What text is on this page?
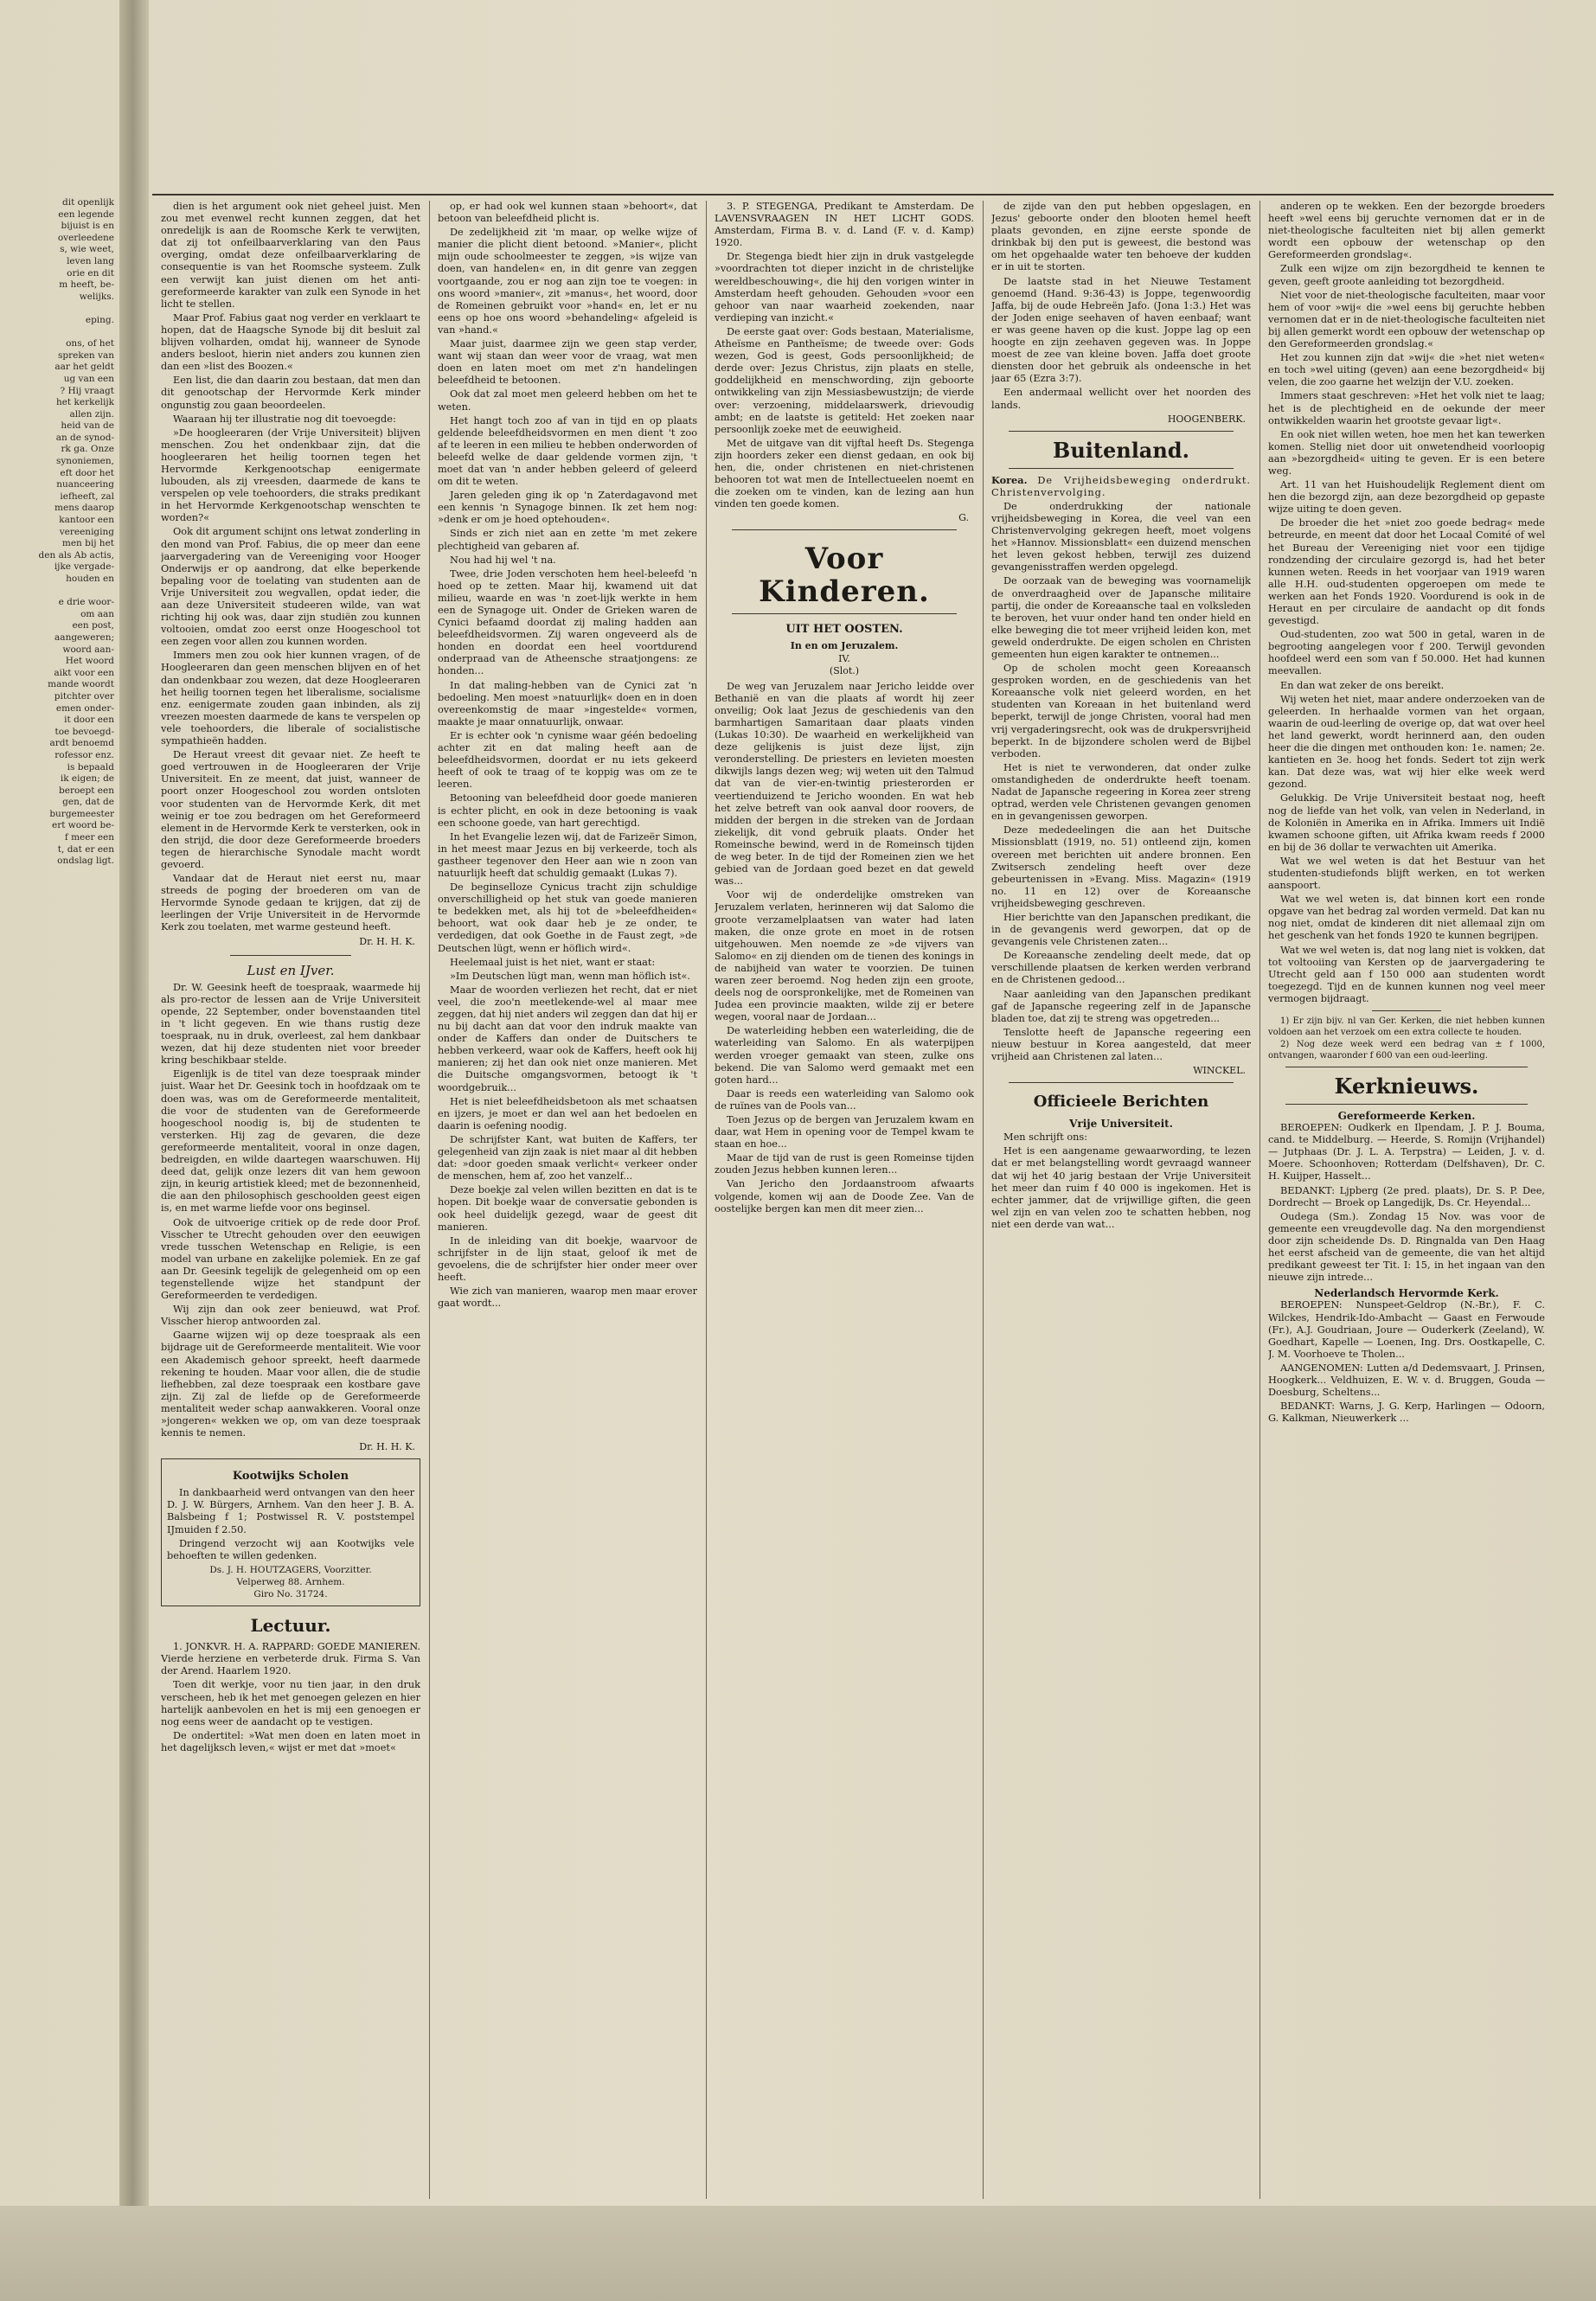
dit openlijk
een legende
bijuist is en
overleedene
s, wie weet,
leven lang
orie en dit
m heeft, be-
welijks.

eping.

ons, of het
spreken van
aar het geldt
ug van een
? Hij vraagt
het kerkelijk
allen zijn.
heid van de
an de synod-
rk ga. Onze
synoniemen,
eft door het
nuanceering
iefheeft, zal
mens daarop
kantoor een
vereeniging
men bij het
den als Ab actis,
ijke vergade-
houden en

e drie woor-
om aan
een post,
aangeweren;
woord aan-
Het woord
aikt voor een
mande woordt
pitchter over
emen onder-
it door een
toe bevoegd-
ardt benoemd
rofessor enz.
is bepaald
ik eigen; de
beroept een
gen, dat de
burgemeester
ert woord be-
f meer een
t, dat er een
ondslag ligt.

dien is het argument ook niet geheel juist. Men zou met evenwel recht kunnen zeggen, dat het onredelijk is aan de Roomsche Kerk te verwijten, dat zij tot onfeilbaarverklaring van den Paus overging, omdat deze onfeilbaarverklaring de consequentie is van het Roomsche systeem. Zulk een verwijt kan juist dienen om het anti-gereformeerde karakter van zulk een Synode in het licht te stellen.

Maar Prof. Fabius gaat nog verder en verklaart te hopen, dat de Haagsche Synode bij dit besluit zal blijven volharden, omdat hij, wanneer de Synode anders besloot, hierin niet anders zou kunnen zien dan een »list des Boozen.«

Een list, die dan daarin zou bestaan, dat men dan dit genootschap der Hervormde Kerk minder ongunstig zou gaan beoordeelen.

Waaraan hij ter illustratie nog dit toevoegde:

»De hoogleeraren (der Vrije Universiteit) blijven menschen. Zou het ondenkbaar zijn, dat die hoogleeraren het heilig toornen tegen het Hervormde Kerkgenootschap eenigermate lubouden, als zij vreesden, daarmede de kans te verspelen op vele toehoorders, die straks predikant in het Hervormde Kerkgenootschap wenschten te worden?«

Ook dit argument schijnt ons letwat zonderling in den mond van Prof. Fabius, die op meer dan eene jaarvergadering van de Vereeniging voor Hooger Onderwijs er op aandrong, dat elke beperkende bepaling voor de toelating van studenten aan de Vrije Universiteit zou wegvallen, opdat ieder, die aan deze Universiteit studeeren wilde, van wat richting hij ook was, daar zijn studiën zou kunnen voltooien, omdat zoo eerst onze Hoogeschool tot een zegen voor allen zou kunnen worden.

Immers men zou ook hier kunnen vragen, of de Hoogleeraren dan geen menschen blijven en of het dan ondenkbaar zou wezen, dat deze Hoogleeraren het heilig toornen tegen het liberalisme, socialisme enz. eenigermate zouden gaan inbinden, als zij vreezen moesten daarmede de kans te verspelen op vele toehoorders, die liberale of socialistische sympathieën hadden.

De Heraut vreest dit gevaar niet. Ze heeft te goed vertrouwen in de Hoogleeraren der Vrije Universiteit. En ze meent, dat juist, wanneer de poort onzer Hoogeschool zou worden ontsloten voor studenten van de Hervormde Kerk, dit met weinig er toe zou bedragen om het Gereformeerd element in de Hervormde Kerk te versterken, ook in den strijd, die door deze Gereformeerde broeders tegen de hierarchische Synodale macht wordt gevoerd.

Vandaar dat de Heraut niet eerst nu, maar streeds de poging der broederen om van de Hervormde Synode gedaan te krijgen, dat zij de leerlingen der Vrije Universiteit in de Hervormde Kerk zou toelaten, met warme gesteund heeft.

Dr. H. H. K.
Lust en IJver.

Dr. W. Geesink heeft de toespraak, waarmede hij als pro-rector de lessen aan de Vrije Universiteit opende, 22 September, onder bovenstaanden titel in 't licht gegeven. En wie thans rustig deze toespraak, nu in druk, overleest, zal hem dankbaar wezen, dat hij deze studenten niet voor breeder kring beschikbaar stelde.

Eigenlijk is de titel van deze toespraak minder juist. Waar het Dr. Geesink toch in hoofdzaak om te doen was, was om de Gereformeerde mentaliteit, die voor de studenten van de Gereformeerde hoogeschool noodig is, bij de studenten te versterken. Hij zag de gevaren, die deze gereformeerde mentaliteit, vooral in onze dagen, bedreigden, en wilde daartegen waarschuwen. Hij deed dat, gelijk onze lezers dit van hem gewoon zijn, in keurig artistiek kleed; met de bezonnenheid, die aan den philosophisch geschoolden geest eigen is, en met warme liefde voor ons beginsel.

Ook de uitvoerige critiek op de rede door Prof. Visscher te Utrecht gehouden over den eeuwigen vrede tusschen Wetenschap en Religie, is een model van urbane en zakelijke polemiek. En ze gaf aan Dr. Geesink tegelijk de gelegenheid om op een tegenstellende wijze het standpunt der Gereformeerden te verdedigen.

Wij zijn dan ook zeer benieuwd, wat Prof. Visscher hierop antwoorden zal.

Gaarne wijzen wij op deze toespraak als een bijdrage uit de Gereformeerde mentaliteit. Wie voor een Akademisch gehoor spreekt, heeft daarmede rekening te houden. Maar voor allen, die de studie liefhebben, zal deze toespraak een kostbare gave zijn. Zij zal de liefde op de Gereformeerde mentaliteit weder schap aanwakkeren. Vooral onze »jongeren« wekken we op, om van deze toespraak kennis te nemen.

Dr. H. H. K.
Kootwijks Scholen

In dankbaarheid werd ontvangen van den heer D. J. W. Bürgers, Arnhem. Van den heer J. B. A. Balsbeing f 1; Postwissel R. V. poststempel IJmuiden f 2.50.

Dringend verzocht wij aan Kootwijks vele behoeften te willen gedenken.

Ds. J. H. HOUTZAGERS, Voorzitter.
Velperweg 88. Arnhem.
Giro No. 31724.
Lectuur.

1. JONKVR. H. A. RAPPARD: GOEDE MANIEREN. Vierde herziene en verbeterde druk. Firma S. Van der Arend. Haarlem 1920.

Toen dit werkje, voor nu tien jaar, in den druk verscheen, heb ik het met genoegen gelezen en hier hartelijk aanbevolen en het is mij een genoegen er nog eens weer de aandacht op te vestigen.

De ondertitel: »Wat men doen en laten moet in het dagelijksch leven,« wijst er met dat »moet«

op, er had ook wel kunnen staan »behoort«, dat betoon van beleefdheid plicht is.

De zedelijkheid zit 'm maar, op welke wijze of manier die plicht dient betoond. »Manier«, plicht mijn oude schoolmeester te zeggen, »is wijze van doen, van handelen« en, in dit genre van zeggen voortgaande, zou er nog aan zijn toe te voegen: in ons woord »manier«, zit »manus«, het woord, door de Romeinen gebruikt voor »hand« en, let er nu eens op hoe ons woord »behandeling« afgeleid is van »hand.«

Maar juist, daarmee zijn we geen stap verder, want wij staan dan weer voor de vraag, wat men doen en laten moet om met z'n handelingen beleefdheid te betoonen.

Ook dat zal moet men geleerd hebben om het te weten.

Het hangt toch zoo af van in tijd en op plaats geldende beleefdheidsvormen en men dient 't zoo af te leeren in een milieu te hebben onderworden of beleefd welke de daar geldende vormen zijn, 't moet dat van 'n ander hebben geleerd of geleerd om dit te weten.

Jaren geleden ging ik op 'n Zaterdagavond met een kennis 'n Synagoge binnen. Ik zet hem nog: »denk er om je hoed optehouden«.

Sinds er zich niet aan en zette 'm met zekere plechtigheid van gebaren af.

Nou had hij wel 't na.

Twee, drie Joden verschoten hem heel-beleefd 'n hoed op te zetten. Maar hij, kwamend uit dat milieu, waarde en was 'n zoet-lijk werkte in hem een de Synagoge uit. Onder de Grieken waren de Cynici befaamd doordat zij maling hadden aan beleefdheidsvormen. Zij waren ongeveerd als de honden en doordat een heel voortdurend onderpraad van de Atheensche straatjongens: ze honden...

In dat maling-hebben van de Cynici zat 'n bedoeling. Men moest »natuurlijk« doen en in doen overeenkomstig de maar »ingestelde« vormen, maakte je maar onnatuurlijk, onwaar.

Er is echter ook 'n cynisme waar géén bedoeling achter zit en dat maling heeft aan de beleefdheidsvormen, doordat er nu iets gekeerd heeft of ook te traag of te koppig was om ze te leeren.

Betooning van beleefdheid door goede manieren is echter plicht, en ook in deze betooning is vaak een schoone goede, van hart gerechtigd.

In het Evangelie lezen wij, dat de Farizeër Simon, in het meest maar Jezus en bij verkeerde, toch als gastheer tegenover den Heer aan wie n zoon van natuurlijk heeft dat schuldig gemaakt (Lukas 7).

De beginselloze Cynicus tracht zijn schuldige onverschilligheid op het stuk van goede manieren te bedekken met, als hij tot de »beleefdheiden« behoort, wat ook daar heb je ze onder, te verdedigen, dat ook Goethe in de Faust zegt, »de Deutschen lügt, wenn er höflich wird«.

Heelemaal juist is het niet, want er staat:

»Im Deutschen lügt man, wenn man höflich ist«.

Maar de woorden verliezen het recht, dat er niet veel, die zoo'n meetlekende-wel al maar mee zeggen, dat hij niet anders wil zeggen dan dat hij er nu bij dacht aan dat voor den indruk maakte van onder de Kaffers dan onder de Duitschers te hebben verkeerd, waar ook de Kaffers, heeft ook hij manieren; zij het dan ook niet onze manieren. Met die Duitsche omgangsvormen, betoogt ik 't woordgebruik...

Het is niet beleefdheidsbetoon als met schaatsen en ijzers, je moet er dan wel aan het bedoelen en daarin is oefening noodig.

De schrijfster Kant, wat buiten de Kaffers, ter gelegenheid van zijn zaak is niet maar al dit hebben dat: »door goeden smaak verlicht« verkeer onder de menschen, hem af, zoo het vanzelf...

Deze boekje zal velen willen bezitten en dat is te hopen. Dit boekje waar de conversatie gebonden is ook heel duidelijk gezegd, waar de geest dit manieren.

In de inleiding van dit boekje, waarvoor de schrijfster in de lijn staat, geloof ik met de gevoelens, die de schrijfster hier onder meer over heeft.

Wie zich van manieren, waarop men maar erover gaat wordt...

3. P. STEGENGA, Predikant te Amsterdam. De LAVENSVRAAGEN IN HET LICHT GODS. Amsterdam, Firma B. v. d. Land (F. v. d. Kamp) 1920.

Dr. Stegenga biedt hier zijn in druk vastgelegde »voordrachten tot dieper inzicht in de christelijke wereldbeschouwing«, die hij den vorigen winter in Amsterdam heeft gehouden. Gehouden »voor een gehoor van naar waarheid zoekenden, naar verdieping van inzicht.«

De eerste gaat over: Gods bestaan, Materialisme, Atheïsme en Pantheïsme; de tweede over: Gods wezen, God is geest, Gods persoonlijkheid; de derde over: Jezus Christus, zijn plaats en stelle, goddelijkheid en menschwording, zijn geboorte ontwikkeling van zijn Messiasbewustzijn; de vierde over: verzoening, middelaarswerk, drievoudig ambt; en de laatste is getiteld: Het zoeken naar persoonlijk zoeke met de eeuwigheid.

Met de uitgave van dit vijftal heeft Ds. Stegenga zijn hoorders zeker een dienst gedaan, en ook bij hen, die, onder christenen en niet-christenen behooren tot wat men de Intellectueelen noemt en die zoeken om te vinden, kan de lezing aan hun vinden ten goede komen.

G.
Voor Kinderen.
UIT HET OOSTEN.
In en om Jeruzalem.
IV.
(Slot.)

De weg van Jeruzalem naar Jericho leidde over Bethanië en van die plaats af wordt hij zeer onveilig; Ook laat Jezus de geschiedenis van den barmhartigen Samaritaan daar plaats vinden (Lukas 10:30). De waarheid en werkelijkheid van deze gelijkenis is juist deze lijst, zijn veronderstelling. De priesters en levieten moesten dikwijls langs dezen weg; wij weten uit den Talmud dat van de vier-en-twintig priesterorden er veertienduizend te Jericho woonden. En wat heb het zelve betreft van ook aanval door roovers, de midden der bergen in die streken van de Jordaan ziekelijk, dit vond gebruik plaats. Onder het Romeinsche bewind, werd in de Romeinsch tijden de weg beter. In de tijd der Romeinen zien we het gebied van de Jordaan goed bezet en dat geweld was...

Voor wij de onderdelijke omstreken van Jeruzalem verlaten, herinneren wij dat Salomo die groote verzamelplaatsen van water had laten maken, die onze grote en moet in de rotsen uitgehouwen. Men noemde ze »de vijvers van Salomo« en zij dienden om de tienen des konings in de nabijheid van water te voorzien. De tuinen waren zeer beroemd. Nog heden zijn een groote, deels nog de oorspronkelijke, met de Romeinen van Judea een provincie maakten, wilde zij er betere wegen, vooral naar de Jordaan...

De waterleiding hebben een waterleiding, die de waterleiding van Salomo. En als waterpijpen werden vroeger gemaakt van steen, zulke ons bekend. Die van Salomo werd gemaakt met een goten hard...

Daar is reeds een waterleiding van Salomo ook de ruïnes van de Pools van...

Toen Jezus op de bergen van Jeruzalem kwam en daar, wat Hem in opening voor de Tempel kwam te staan en hoe...

Maar de tijd van de rust is geen Romeinse tijden zouden Jezus hebben kunnen leren...

Van Jericho den Jordaanstroom afwaarts volgende, komen wij aan de Doode Zee. Van de oostelijke bergen kan men dit meer zien...

de zijde van den put hebben opgeslagen, en Jezus' geboorte onder den blooten hemel heeft plaats gevonden, en zijne eerste sponde de drinkbak bij den put is geweest, die bestond was om het opgehaalde water ten behoeve der kudden er in uit te storten.

De laatste stad in het Nieuwe Testament genoemd (Hand. 9:36-43) is Joppe, tegenwoordig Jaffa, bij de oude Hebreën Jafo. (Jona 1:3.) Het was der Joden enige seehaven of haven eenbaaf; want er was geene haven op die kust. Joppe lag op een hoogte en zijn zeehaven gegeven was. In Joppe moest de zee van kleine boven. Jaffa doet groote diensten door het gebruik als ondeensche in het jaar 65 (Ezra 3:7).

Een andermaal wellicht over het noorden des lands.

HOOGENBERK.
Buitenland.

Korea. De Vrijheidsbeweging onderdrukt. Christenvervolging.

De onderdrukking der nationale vrijheidsbeweging in Korea, die veel van een Christenvervolging gekregen heeft, moet volgens het »Hannov. Missionsblatt« een duizend menschen het leven gekost hebben, terwijl zes duizend gevangenisstraffen werden opgelegd.

De oorzaak van de beweging was voornamelijk de onverdraagheid over de Japansche militaire partij, die onder de Koreaansche taal en volksleden te beroven, het vuur onder hand ten onder hield en elke beweging die tot meer vrijheid leiden kon, met geweld onderdrukte. De eigen scholen en Christen gemeenten hun eigen karakter te ontnemen...

Op de scholen mocht geen Koreaansch gesproken worden, en de geschiedenis van het Koreaansche volk niet geleerd worden, en het studenten van Koreaan in het buitenland werd beperkt, terwijl de jonge Christen, vooral had men vrij vergaderingsrecht, ook was de drukpersvrijheid beperkt. In de bijzondere scholen werd de Bijbel verboden.

Het is niet te verwonderen, dat onder zulke omstandigheden de onderdrukte heeft toenam. Nadat de Japansche regeering in Korea zeer streng optrad, werden vele Christenen gevangen genomen en in gevangenissen geworpen.

Deze mededeelingen die aan het Duitsche Missionsblatt (1919, no. 51) ontleend zijn, komen overeen met berichten uit andere bronnen. Een Zwitsersch zendeling heeft over deze gebeurtenissen in »Evang. Miss. Magazin« (1919 no. 11 en 12) over de Koreaansche vrijheidsbeweging geschreven.

Hier berichtte van den Japanschen predikant, die in de gevangenis werd geworpen, dat op de gevangenis vele Christenen zaten...

De Koreaansche zendeling deelt mede, dat op verschillende plaatsen de kerken werden verbrand en de Christenen gedood...

Naar aanleiding van den Japanschen predikant gaf de Japansche regeering zelf in de Japansche bladen toe, dat zij te streng was opgetreden...

Tenslotte heeft de Japansche regeering een nieuw bestuur in Korea aangesteld, dat meer vrijheid aan Christenen zal laten...

WINCKEL.
Officieele Berichten
Vrije Universiteit.

Men schrijft ons:

Het is een aangename gewaarwording, te lezen dat er met belangstelling wordt gevraagd wanneer dat wij het 40 jarig bestaan der Vrije Universiteit het meer dan ruim f 40 000 is ingekomen. Het is echter jammer, dat de vrijwillige giften, die geen wel zijn en van velen zoo te schatten hebben, nog niet een derde van wat...

anderen op te wekken. Een der bezorgde broeders heeft »wel eens bij geruchte vernomen dat er in de niet-theologische faculteiten niet bij allen gemerkt wordt een opbouw der wetenschap op den Gereformeerden grondslag«.

Zulk een wijze om zijn bezorgdheid te kennen te geven, geeft groote aanleiding tot bezorgdheid.

Niet voor de niet-theologische faculteiten, maar voor hem of voor »wij« die »wel eens bij geruchte hebben vernomen dat er in de niet-theologische faculteiten niet bij allen gemerkt wordt een opbouw der wetenschap op den Gereformeerden grondslag.«

Het zou kunnen zijn dat »wij« die »het niet weten« en toch »wel uiting (geven) aan eene bezorgdheid« bij velen, die zoo gaarne het welzijn der V.U. zoeken.

Immers staat geschreven: »Het het volk niet te laag; het is de plechtigheid en de oekunde der meer ontwikkelden waarin het grootste gevaar ligt«.

En ook niet willen weten, hoe men het kan tewerken komen. Stellig niet door uit onwetendheid voorloopig aan »bezorgdheid« uiting te geven. Er is een betere weg.

Art. 11 van het Huishoudelijk Reglement dient om hen die bezorgd zijn, aan deze bezorgdheid op gepaste wijze uiting te doen geven.

De broeder die het »niet zoo goede bedrag« mede betreurde, en meent dat door het Locaal Comité of wel het Bureau der Vereeniging niet voor een tijdige rondzending der circulaire gezorgd is, had het beter kunnen weten. Reeds in het voorjaar van 1919 waren alle H.H. oud-studenten opgeroepen om mede te werken aan het Fonds 1920. Voordurend is ook in de Heraut en per circulaire de aandacht op dit fonds gevestigd.

Oud-studenten, zoo wat 500 in getal, waren in de begrooting aangelegen voor f 200. Terwijl gevonden hoofdeel werd een som van f 50.000. Het had kunnen meevallen.

En dan wat zeker de ons bereikt.

Wij weten het niet, maar andere onderzoeken van de geleerden. In herhaalde vormen van het orgaan, waarin de oud-leerling de overige op, dat wat over heel het land gewerkt, wordt herinnerd aan, den ouden heer die die dingen met onthouden kon: 1e. namen; 2e. kantieten en 3e. hoog het fonds. Sedert tot zijn werk kan. Dat deze was, wat wij hier elke week werd gezond.

Gelukkig. De Vrije Universiteit bestaat nog, heeft nog de liefde van het volk, van velen in Nederland, in de Koloniën in Amerika en in Afrika. Immers uit Indië kwamen schoone giften, uit Afrika kwam reeds f 2000 en bij de 36 dollar te verwachten uit Amerika.

Wat we wel weten is dat het Bestuur van het studenten-studiefonds blijft werken, en tot werken aanspoort.

Wat we wel weten is, dat binnen kort een ronde opgave van het bedrag zal worden vermeld. Dat kan nu nog niet, omdat de kinderen dit niet allemaal zijn om het geschenk van het fonds 1920 te kunnen begrijpen.

Wat we wel weten is, dat nog lang niet is vokken, dat tot voltooiing van Kersten op de jaarvergadering te Utrecht geld aan f 150 000 aan studenten wordt toegezegd. Tijd en de kunnen kunnen nog veel meer vermogen bijdraagt.

1) Er zijn bijv. nl van Ger. Kerken, die niet hebben kunnen voldoen aan het verzoek om een extra collecte te houden.

2) Nog deze week werd een bedrag van ± f 1000, ontvangen, waaronder f 600 van een oud-leerling.

Kerknieuws.
Gereformeerde Kerken.

BEROEPEN: Oudkerk en Ilpendam, J. P. J. Bouma, cand. te Middelburg. — Heerde, S. Romijn (Vrijhandel) — Jutphaas (Dr. J. L. A. Terpstra) — Leiden, J. v. d. Moere. Schoonhoven; Rotterdam (Delfshaven), Dr. C. H. Kuijper, Hasselt...

BEDANKT: Ljpberg (2e pred. plaats), Dr. S. P. Dee, Dordrecht — Broek op Langedijk, Ds. Cr. Heyendal...

Oudega (Sm.). Zondag 15 Nov. was voor de gemeente een vreugdevolle dag. Na den morgendienst door zijn scheidende Ds. D. Ringnalda van Den Haag het eerst afscheid van de gemeente, die van het altijd predikant geweest ter Tit. I: 15, in het ingaan van den nieuwe zijn intrede...

Nederlandsch Hervormde Kerk.

BEROEPEN: Nunspeet-Geldrop (N.-Br.), F. C. Wilckes, Hendrik-Ido-Ambacht — Gaast en Ferwoude (Fr.), A.J. Goudriaan, Joure — Ouderkerk (Zeeland), W. Goedhart, Kapelle — Loenen, Ing. Drs. Oostkapelle, C. J. M. Voorhoeve te Tholen...

AANGENOMEN: Lutten a/d Dedemsvaart, J. Prinsen, Hoogkerk... Veldhuizen, E. W. v. d. Bruggen, Gouda — Doesburg, Scheltens...

BEDANKT: Warns, J. G. Kerp, Harlingen — Odoorn, G. Kalkman, Nieuwerkerk ...
